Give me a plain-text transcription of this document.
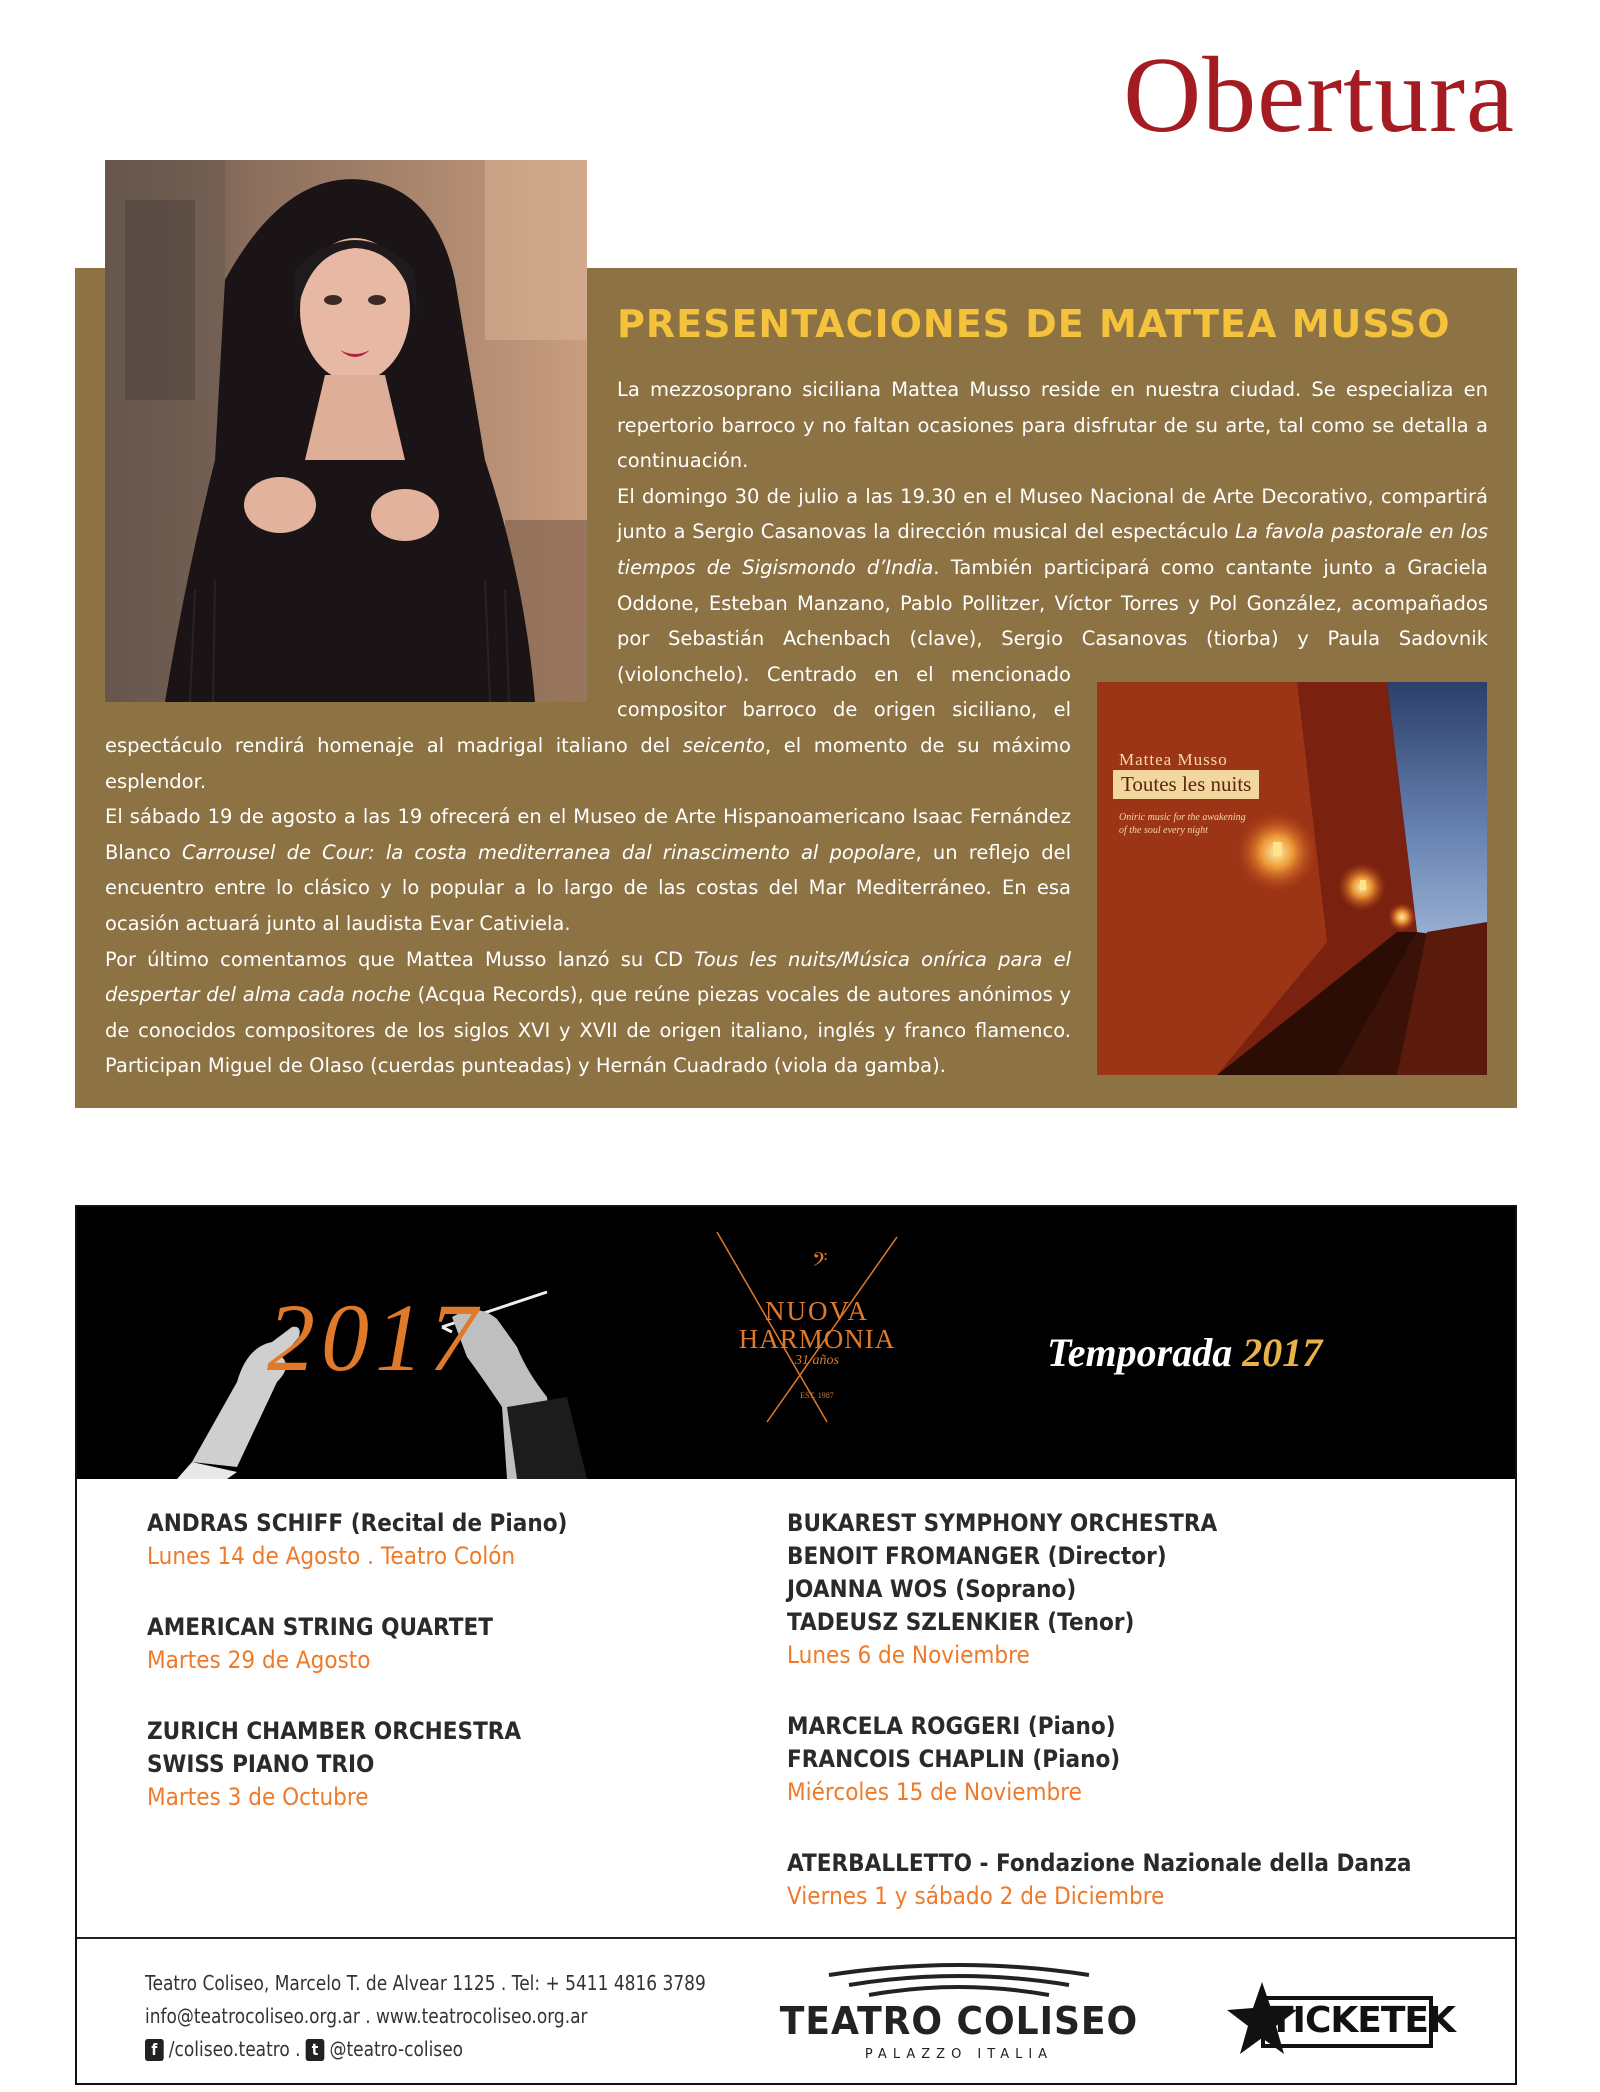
Obertura
Mattea Musso
Toutes les nuits
Oniric music for the awakening
of the soul every night
PRESENTACIONES DE MATTEA MUSSO

La mezzosoprano siciliana Mattea Musso reside en nuestra ciudad. Se especializa en repertorio barroco y no faltan ocasiones para disfrutar de su arte, tal como se detalla a continuación.

El domingo 30 de julio a las 19.30 en el Museo Nacional de Arte Decorativo, compartirá junto a Sergio Casanovas la dirección musical del espectáculo La favola pastorale en los tiempos de Sigismondo d’India. También participará como cantante junto a Graciela Oddone, Esteban Manzano, Pablo Pollitzer, Víctor Torres y Pol González, acompañados por Sebastián Achenbach (clave), Sergio Casanovas (tiorba) y Paula Sadovnik (violonchelo). Centrado en el mencionado compositor barroco de origen siciliano, el espectáculo rendirá homenaje al madrigal italiano del seicento, el momento de su máximo esplendor.

El sábado 19 de agosto a las 19 ofrecerá en el Museo de Arte Hispanoamericano Isaac Fernández Blanco Carrousel de Cour: la costa mediterranea dal rinascimento al popolare, un reflejo del encuentro entre lo clásico y lo popular a lo largo de las costas del Mar Mediterráneo. En esa ocasión actuará junto al laudista Evar Cativiela.

Por último comentamos que Mattea Musso lanzó su CD Tous les nuits/Música onírica para el despertar del alma cada noche (Acqua Records), que reúne piezas vocales de autores anónimos y de conocidos compositores de los siglos XVI y XVII de origen italiano, inglés y franco flamenco. Participan Miguel de Olaso (cuerdas punteadas) y Hernán Cuadrado (viola da gamba).

𝄢
2017	NUOVA
HARMONIA
31 años
EST. 1987
Temporada 2017
ANDRAS SCHIFF (Recital de Piano)
Lunes 14 de Agosto . Teatro Colón
AMERICAN STRING QUARTET
Martes 29 de Agosto
ZURICH CHAMBER ORCHESTRA
SWISS PIANO TRIO
Martes 3 de Octubre
BUKAREST SYMPHONY ORCHESTRA
BENOIT FROMANGER (Director)
JOANNA WOS (Soprano)
TADEUSZ SZLENKIER (Tenor)
Lunes 6 de Noviembre
MARCELA ROGGERI (Piano)
FRANCOIS CHAPLIN (Piano)
Miércoles 15 de Noviembre
ATERBALLETTO - Fondazione Nazionale della Danza
Viernes 1 y sábado 2 de Diciembre
Teatro Coliseo, Marcelo T. de Alvear 1125 . Tel: + 5411 4816 3789
info@teatrocoliseo.org.ar . www.teatrocoliseo.org.ar
f /coliseo.teatro . t @teatro-coliseo
TEATRO COLISEO
PALAZZO ITALIA
TICKETEK
